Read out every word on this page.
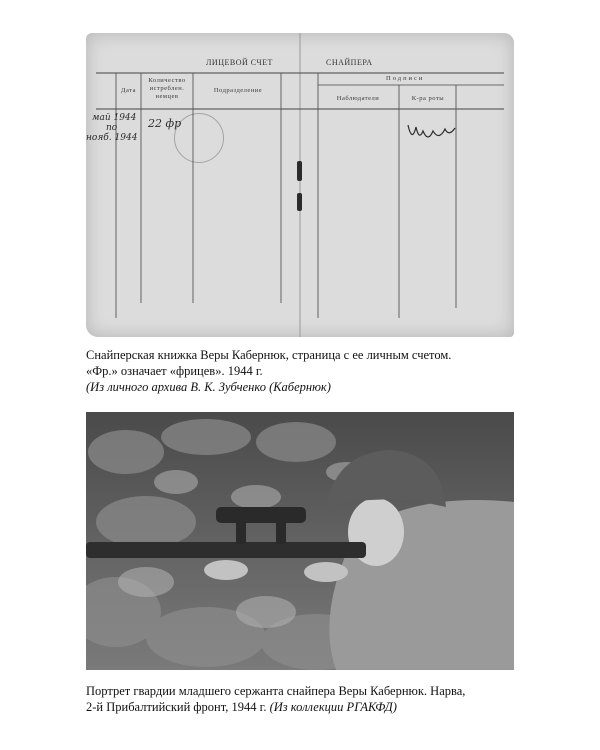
ЛИЦЕВОЙ СЧЕТ	СНАЙПЕРА
Дата
Количество истреблен. немцев
Подразделение
Подписи
Наблюдатели	К-ра роты
май 1944
по
нояб. 1944
22 фр
Снайперская книжка Веры Кабернюк, страница с ее личным счетом.
«Фр.» означает «фрицев». 1944 г.
(Из личного архива В. К. Зубченко (Кабернюк)
Портрет гвардии младшего сержанта снайпера Веры Кабернюк. Нарва,
2-й Прибалтийский фронт, 1944 г. (Из коллекции РГАКФД)
